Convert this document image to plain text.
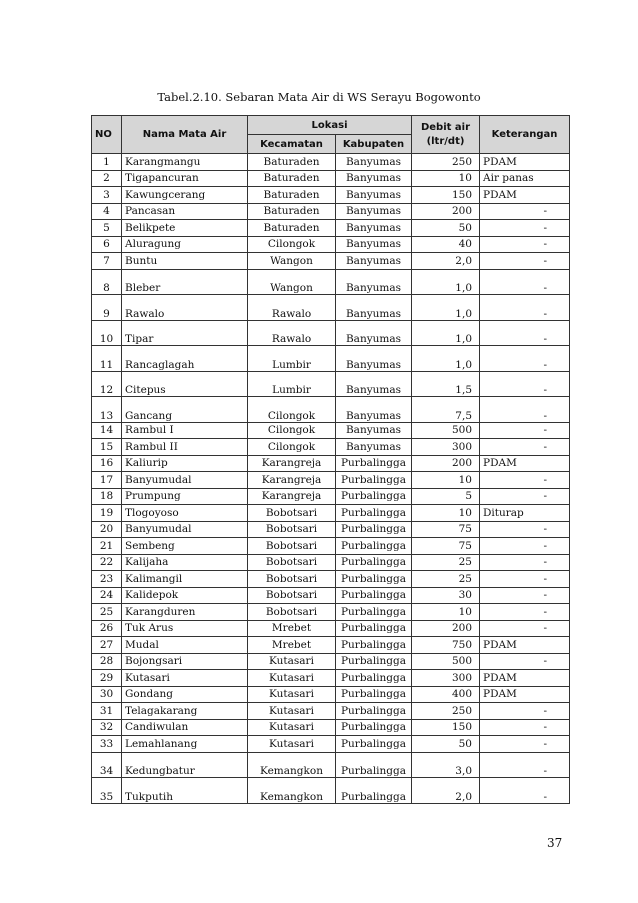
Tabel.2.10. Sebaran Mata Air di WS Serayu Bogowonto
NO	Nama Mata Air	Lokasi		Debit air (ltr/dt)	Keterangan
		Kecamatan	Kabupaten		
1	Karangmangu	Baturaden	Banyumas	250	PDAM
2	Tigapancuran	Baturaden	Banyumas	10	Air panas
3	Kawungcerang	Baturaden	Banyumas	150	PDAM
4	Pancasan	Baturaden	Banyumas	200	-
5	Belikpete	Baturaden	Banyumas	50	-
6	Aluragung	Cilongok	Banyumas	40	-
7	Buntu	Wangon	Banyumas	2,0	-
8	Bleber	Wangon	Banyumas	1,0	-
9	Rawalo	Rawalo	Banyumas	1,0	-
10	Tipar	Rawalo	Banyumas	1,0	-
11	Rancaglagah	Lumbir	Banyumas	1,0	-
12	Citepus	Lumbir	Banyumas	1,5	-
13	Gancang	Cilongok	Banyumas	7,5	-
14	Rambul I	Cilongok	Banyumas	500	-
15	Rambul II	Cilongok	Banyumas	300	-
16	Kaliurip	Karangreja	Purbalingga	200	PDAM
17	Banyumudal	Karangreja	Purbalingga	10	-
18	Prumpung	Karangreja	Purbalingga	5	-
19	Tlogoyoso	Bobotsari	Purbalingga	10	Diturap
20	Banyumudal	Bobotsari	Purbalingga	75	-
21	Sembeng	Bobotsari	Purbalingga	75	-
22	Kalijaha	Bobotsari	Purbalingga	25	-
23	Kalimangil	Bobotsari	Purbalingga	25	-
24	Kalidepok	Bobotsari	Purbalingga	30	-
25	Karangduren	Bobotsari	Purbalingga	10	-
26	Tuk Arus	Mrebet	Purbalingga	200	-
27	Mudal	Mrebet	Purbalingga	750	PDAM
28	Bojongsari	Kutasari	Purbalingga	500	-
29	Kutasari	Kutasari	Purbalingga	300	PDAM
30	Gondang	Kutasari	Purbalingga	400	PDAM
31	Telagakarang	Kutasari	Purbalingga	250	-
32	Candiwulan	Kutasari	Purbalingga	150	-
33	Lemahlanang	Kutasari	Purbalingga	50	-
34	Kedungbatur	Kemangkon	Purbalingga	3,0	-
35	Tukputih	Kemangkon	Purbalingga	2,0	-
37
